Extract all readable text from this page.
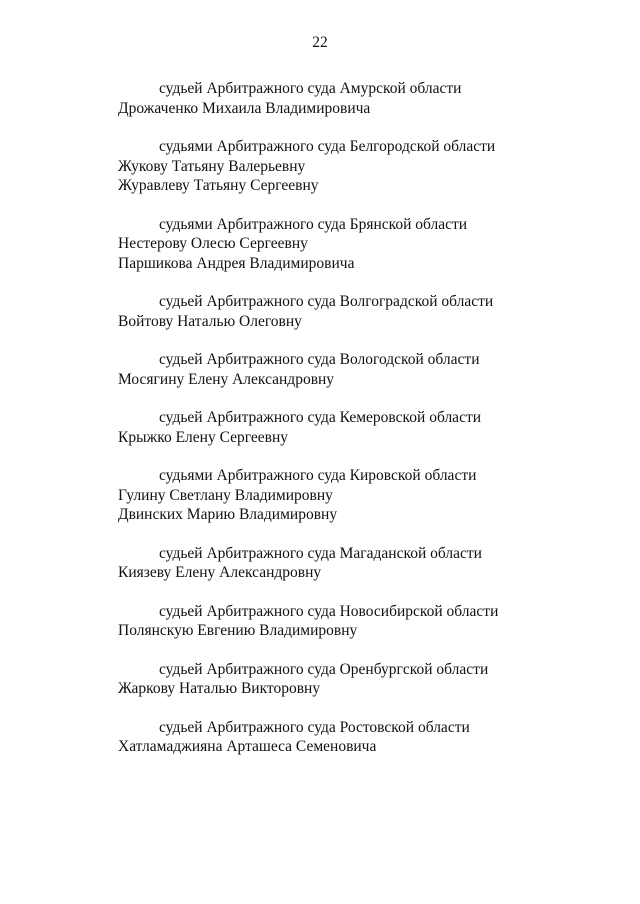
22
судьей Арбитражного суда Амурской области
Дрожаченко Михаила Владимировича
судьями Арбитражного суда Белгородской области
Жукову Татьяну Валерьевну
Журавлеву Татьяну Сергеевну
судьями Арбитражного суда Брянской области
Нестерову Олесю Сергеевну
Паршикова Андрея Владимировича
судьей Арбитражного суда Волгоградской области
Войтову Наталью Олеговну
судьей Арбитражного суда Вологодской области
Мосягину Елену Александровну
судьей Арбитражного суда Кемеровской области
Крыжко Елену Сергеевну
судьями Арбитражного суда Кировской области
Гулину Светлану Владимировну
Двинских Марию Владимировну
судьей Арбитражного суда Магаданской области
Киязеву Елену Александровну
судьей Арбитражного суда Новосибирской области
Полянскую Евгению Владимировну
судьей Арбитражного суда Оренбургской области
Жаркову Наталью Викторовну
судьей Арбитражного суда Ростовской области
Хатламаджияна Арташеса Семеновича
